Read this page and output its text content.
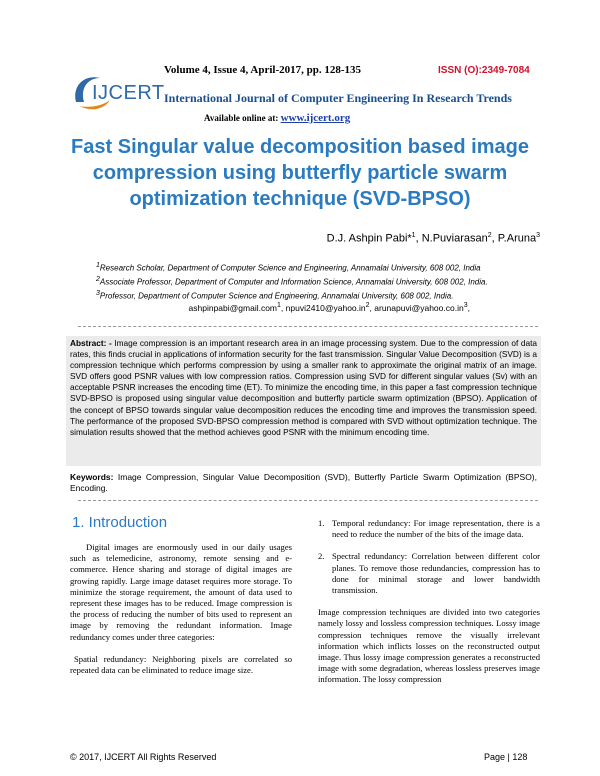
IJCERT
Volume 4, Issue 4, April-2017, pp. 128-135	ISSN (O):2349-7084
International Journal of Computer Engineering In Research Trends
Available online at: www.ijcert.org
Fast Singular value decomposition based image compression using butterfly particle swarm optimization technique (SVD-BPSO)
D.J. Ashpin Pabi*$^1$, N.Puviarasan$^2$, P.Aruna$^3$
$^1$Research Scholar, Department of Computer Science and Engineering, Annamalai University, 608 002, India
$^2$Associate Professor, Department of Computer and Information Science, Annamalai University, 608 002, India.
$^3$Professor, Department of Computer Science and Engineering, Annamalai University, 608 002, India.
ashpinpabi@gmail.com$^1$, $npuvi2410@yahoo.in^2$, $arunapuvi@yahoo.co.in^3$,
Abstract: - Image compression is an important research area in an image processing system. Due to the compression of data rates, this finds crucial in applications of information security for the fast transmission. Singular Value Decomposition (SVD) is a compression technique which performs compression by using a smaller rank to approximate the original matrix of an image. SVD offers good PSNR values with low compression ratios. Compression using SVD for different singular values (Sv) with an acceptable PSNR increases the encoding time (ET). To minimize the encoding time, in this paper a fast compression technique SVD-BPSO is proposed using singular value decomposition and butterfly particle swarm optimization (BPSO). Application of the concept of BPSO towards singular value decomposition reduces the encoding time and improves the transmission speed. The performance of the proposed SVD-BPSO compression method is compared with SVD without optimization technique. The simulation results showed that the method achieves good PSNR with the minimum encoding time.
Keywords: Image Compression, Singular Value Decomposition (SVD), Butterfly Particle Swarm Optimization (BPSO), Encoding.
1. Introduction

Digital images are enormously used in our daily usages such as telemedicine, astronomy, remote sensing and e-commerce. Hence sharing and storage of digital images are growing rapidly. Large image dataset requires more storage. To minimize the storage requirement, the amount of data used to represent these images has to be reduced. Image compression is the process of reducing the number of bits used to represent an image by removing the redundant information. Image redundancy comes under three categories:

Spatial redundancy: Neighboring pixels are correlated so repeated data can be eliminated to reduce image size.

1. Temporal redundancy: For image representation, there is a need to reduce the number of the bits of the image data.
2. Spectral redundancy: Correlation between different color planes. To remove those redundancies, compression has to done for minimal storage and lower bandwidth transmission.

Image compression techniques are divided into two categories namely lossy and lossless compression techniques. Lossy image compression techniques remove the visually irrelevant information which inflicts losses on the reconstructed output image. Thus lossy image compression generates a reconstructed image with some degradation, whereas lossless preserves image information. The lossy compression

© 2017, IJCERT All Rights Reserved	Page | 128
